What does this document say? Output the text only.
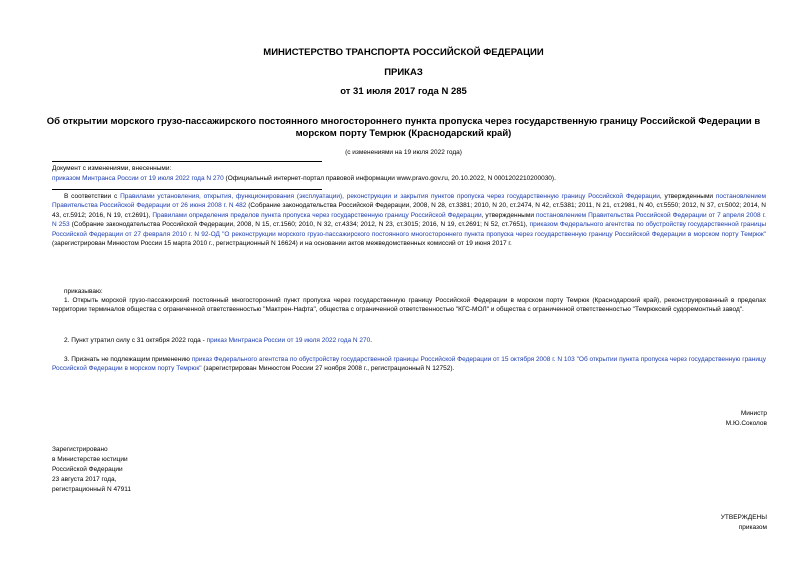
МИНИСТЕРСТВО ТРАНСПОРТА РОССИЙСКОЙ ФЕДЕРАЦИИ
ПРИКАЗ
от 31 июля 2017 года N 285
Об открытии морского грузо-пассажирского постоянного многостороннего пункта пропуска через государственную границу Российской Федерации в морском порту Темрюк (Краснодарский край)
(с изменениями на 19 июля 2022 года)
Документ с изменениями, внесенными:
приказом Минтранса России от 19 июля 2022 года N 270 (Официальный интернет-портал правовой информации www.pravo.gov.ru, 20.10.2022, N 0001202210200030).
В соответствии с Правилами установления, открытия, функционирования (эксплуатации), реконструкции и закрытия пунктов пропуска через государственную границу Российской Федерации, утвержденными постановлением Правительства Российской Федерации от 26 июня 2008 г. N 482 (Собрание законодательства Российской Федерации, 2008, N 28, ст.3381; 2010, N 20, ст.2474, N 42, ст.5381; 2011, N 21, ст.2981, N 40, ст.5550; 2012, N 37, ст.5002; 2014, N 43, ст.5912; 2016, N 19, ст.2691), Правилами определения пределов пункта пропуска через государственную границу Российской Федерации, утвержденными постановлением Правительства Российской Федерации от 7 апреля 2008 г. N 253 (Собрание законодательства Российской Федерации, 2008, N 15, ст.1560; 2010, N 32, ст.4334; 2012, N 23, ст.3015; 2016, N 19, ст.2691; N 52, ст.7651), приказом Федерального агентства по обустройству государственной границы Российской Федерации от 27 февраля 2010 г. N 92-ОД "О реконструкции морского грузо-пассажирского постоянного многостороннего пункта пропуска через государственную границу Российской Федерации в морском порту Темрюк" (зарегистрирован Минюстом России 15 марта 2010 г., регистрационный N 16624) и на основании актов межведомственных комиссий от 19 июня 2017 г.
приказываю:
1. Открыть морской грузо-пассажирский постоянный многосторонний пункт пропуска через государственную границу Российской Федерации в морском порту Темрюк (Краснодарский край), реконструированный в пределах территории терминалов общества с ограниченной ответственностью "Мактрен-Нафта", общества с ограниченной ответственностью "КГС-МОЛ" и общества с ограниченной ответственностью "Темрюкский судоремонтный завод".
2. Пункт утратил силу с 31 октября 2022 года - приказ Минтранса России от 19 июля 2022 года N 270.
3. Признать не подлежащим применению приказ Федерального агентства по обустройству государственной границы Российской Федерации от 15 октября 2008 г. N 103 "Об открытии пункта пропуска через государственную границу Российской Федерации в морском порту Темрюк" (зарегистрирован Минюстом России 27 ноября 2008 г., регистрационный N 12752).
Министр
М.Ю.Соколов
Зарегистрировано
в Министерстве юстиции
Российской Федерации
23 августа 2017 года,
регистрационный N 47911
УТВЕРЖДЕНЫ
приказом
